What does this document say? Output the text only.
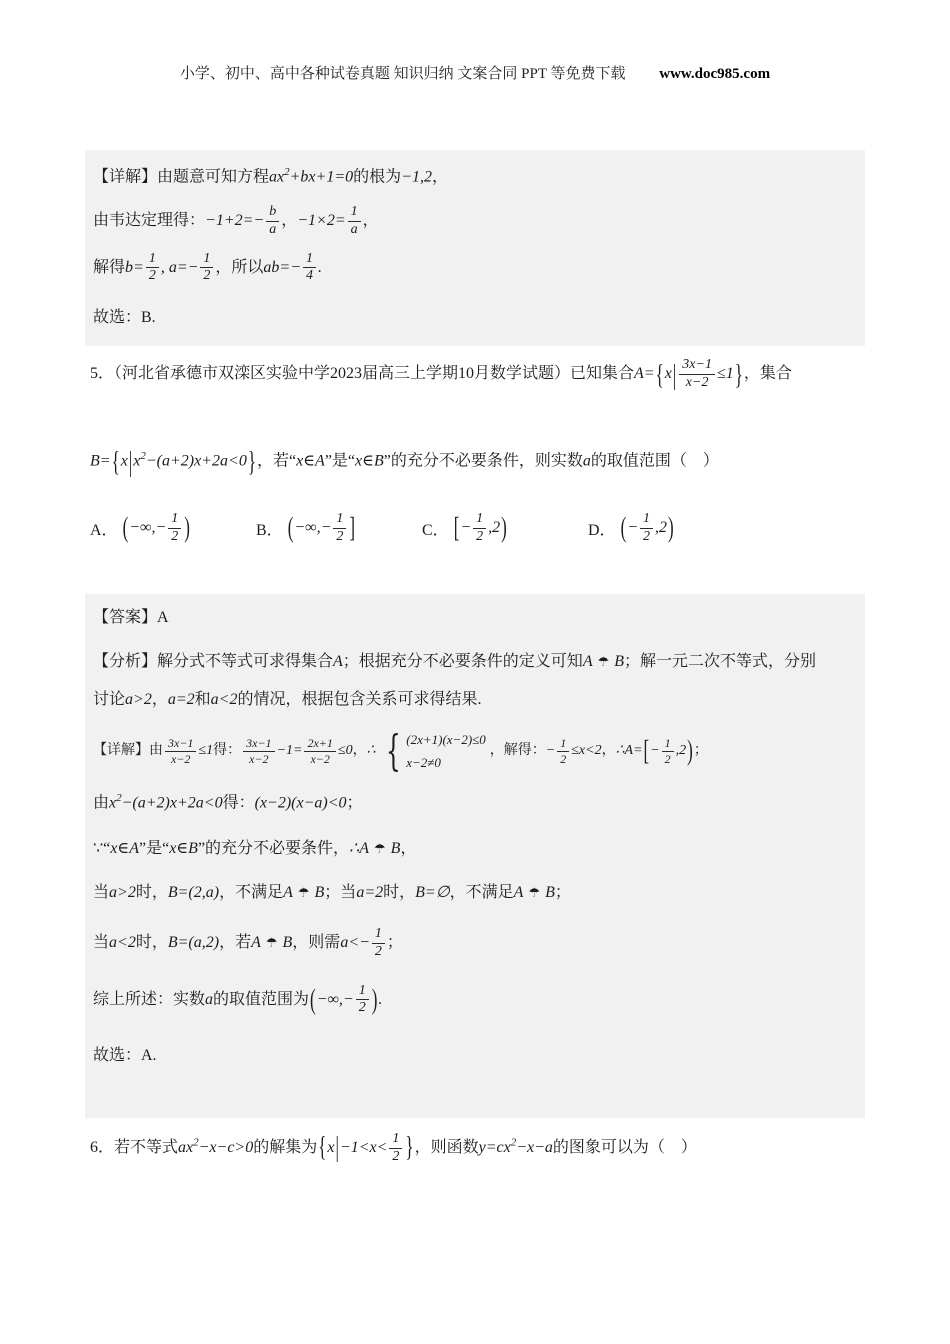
小学、初中、高中各种试卷真题 知识归纳 文案合同 PPT 等免费下载 www.doc985.com
【详解】由题意可知方程$ax^2+bx+1=0$的根为−1,2，
由韦达定理得：$-1+2=- \frac{b}{a}$ ，$-1\times 2= \frac{1}{a}$ ，
解得$b= \frac{1}{2}$ , $a=- \frac{1}{2}$ ，所以$ab=- \frac{1}{4}$ .
故选：B.
5．（河北省承德市双滦区实验中学2023届高三上学期10月数学试题）已知集合$A=\{x| \frac{3x-1}{x-2} \le 1\}$，集合
$B=\{x|x^2-(a+2)x+2a<0\}$，若“x∈A”是“x∈B”的充分不必要条件，则实数a的取值范围（　）
A． (−∞,− $\frac{1}{2}$ )	B． (−∞,− $\frac{1}{2}$ ]	C． [− $\frac{1}{2} ,2$)	D． (− $\frac{1}{2} ,2$)
【答案】A
【分析】解分式不等式可求得集合A；根据充分不必要条件的定义可知A ☂ B；解一元二次不等式，分别
讨论a>2，a=2和a<2的情况，根据包含关系可求得结果.
【详解】由 $\frac{3x-1}{x-2} \le 1$得： $\frac{3x-1}{x-2} -1= \frac{2x+1}{x-2} \le 0$，∴ { (2x+1)(x−2)≤0
x−2≠0
，解得：− $\frac{1}{2} \le x<2$，∴A=[− $\frac{1}{2} ,2$)；
由$x^2-(a+2)x+2a<0$得：(x−2)(x−a)<0；
∵“x∈A”是“x∈B”的充分不必要条件，∴A ☂ B，
当a>2时，B=(2,a)，不满足A ☂ B；当a=2时，B=∅，不满足A ☂ B；
当a<2时，B=(a,2)，若A ☂ B，则需$a<- \frac{1}{2}$ ；
综上所述：实数a的取值范围为(−∞,− $\frac{1}{2}$ ).
故选：A.
6．若不等式$ax^2-x-c>0$的解集为{$x|-1<x< \frac{1}{2}$ }，则函数$y=cx^2-x-a$的图象可以为（　）
